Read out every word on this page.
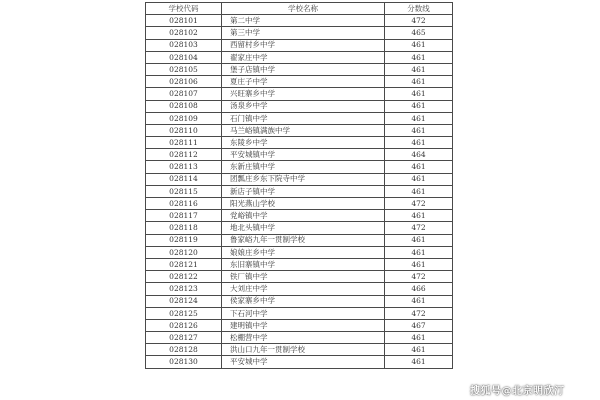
学校代码	学校名称	分数线
028101	第二中学	472
028102	第三中学	465
028103	西留村乡中学	461
028104	翟家庄中学	461
028105	堡子店镇中学	461
028106	夏庄子中学	461
028107	兴旺寨乡中学	461
028108	汤泉乡中学	461
028109	石门镇中学	461
028110	马兰峪镇满族中学	461
028111	东陵乡中学	461
028112	平安城镇中学	464
028113	东新庄镇中学	461
028114	团瓢庄乡东下院寺中学	461
028115	新店子镇中学	461
028116	阳光燕山学校	472
028117	党峪镇中学	461
028118	地北头镇中学	472
028119	鲁家峪九年一贯制学校	461
028120	娘娘庄乡中学	461
028121	东旧寨镇中学	461
028122	铁厂镇中学	472
028123	大刘庄中学	466
028124	侯家寨乡中学	461
028125	下石河中学	472
028126	建明镇中学	467
028127	松棚营中学	461
028128	洪山口九年一贯制学校	461
028130	平安城中学	461
搜狐号@北京明欣汀
